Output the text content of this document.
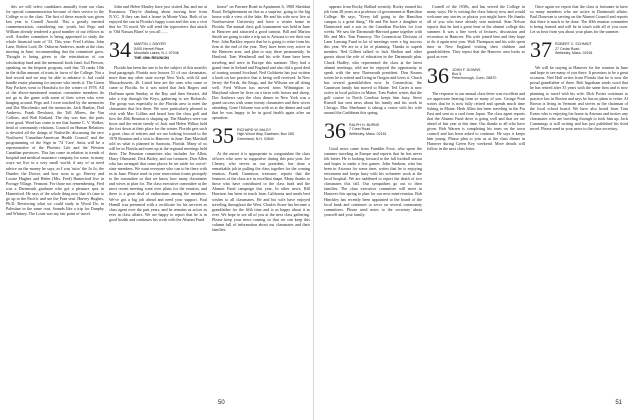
this we will select candidates annually from our class for special commemoration because of their service to the College or to the class. The first of these awards was given last year to Cornell Arnold. This a greatly merited commemoration, considering our youth, but Pego and William already tendered a good number of our fellows as well. Another committee is being appointed to study the whole financial state of '33. This year: Fred Lehfan, John Lane, Robert Lord, Dr. Osborne Andrews, made at the class meeting in June, recommending that the committee grow. Thought is being given to the reinstitution of our scholarship fund and the memorial book fund. Jud Pierson, speaking on the bequest program, said that '33 ranks 10th in the dollar amount of trusts in favor of the College. Not a bad record and we may be able to enhance it. Jud could handle estate planning for anyone who needs it. The Green Bay Packers went to Honolulu for the winter of 1978. All of the above-mentioned reunion committee members do not go to the game with some of their wives who were hanging around. Pego and I were touched by the memories and Dot Marchenko and the memories. Jack Hanlon, Dud Andrews, Frank Dewharst, the Toll Albees, the Van Collons, and Walt Kinkaid. The day was fine, the parts were good. Word has come to me that Juanne C. V. Walker, head of community relations, Council on Human Relations is devoted all the doings of Nashville, discussing the race Northwest 'Canadian-American Health Council' and the programming of the Sign in '74 'Care' Anita will be a representative of the Phoenix Life and the Western Canadian provinces. This has come in relation to trends of hospital and medical assurance company for some, in many ways we live in a very small world; if any of us need advice on the money he says, as I was 'tutor' the Jo Jo, the Dunder, the Doctor, and how soon to go. Harvey and Louise Hughes and Helen (Mrs. Fred) Hamerford live in Portage Village, Vermont. For those not remembering, Fred was a Dartmouth graduate who got a pleasure spot in Hamerford. He says of the whole thing now that it's time to go up to the Pacific and see the Fran sent. Harvey Hughes, Ph.D. Reviewing what we could study in Wood Do, in Palestine in the same rout, Sounds like a trip for Dunphy and Whitney. The Louis was my fair point of travel.

John and Helen Manley have just visited Jim and me at Rossmoor. They're thinking about moving here from N.Y.C. If they can find a house in Monte Vista. Both of us enjoyed the sun in Florida's happy town and this was a visit that for '33 stood. We will send the typewriters that attach to 'Old Nassau Blues' to you all ......

34 MARTIN J. DWYER
5400 Hermit Place
Mountain Lakes, N.J. 07046
THE 45th REUNION

Florida has been the one to be the subject of this month's lead paragraph. Florida now houses 51 of our classmates, more than any other state except New York, with 62 and Massachusetts, 46. Listed here are the ones who came or came to Florida. So it was noted that Jack Rogers and Hoffman spent Sunday at the Bay and then Stewart, did take a trip through the Keys, gathering to see Richard's. The group was especially in the Florida area to meet the classmates that live there. We were particularly pleased to visit with Mac Collins and heard how the class golf and how the 45th Reunion is shaping up. The Manleys were our hosts and the entire family of Jack and Helen Wilkin held the fort down at their place for the winter. Florida gets such a great class of retirees and we are looking forward to the 1978 Reunion and a visit to Hanover in June. Dan Marshall told us what is planned in Sarasota, Florida. Many of us will be in Florida and meet up at the regional meetings held there. The Reunion committee also includes Joe Allen, Harry Olmstead, Dick Bailey, and our treasurer, Don Allen who has arranged that some places be set aside for out-of-state members. We want everyone who can to be there with us in June. Please send in your reservation forms promptly to the committee so that we know how many classmates and wives to plan for. The class executive committee at the most recent meeting went over plans for the reunion, and there is a great deal of enthusiasm among the members. We've got a big job ahead and need your support. Paul Hamill was presented with a certificate for his services as class agent over the past years, and he remains as active as ever in class affairs. We are happy to report that he is in good health and continues his work with the Alumni Fund.

house" on Pawnee Road in Apartment 6, 1900 Sheridan Road. Enlightenment on this as a surprise, going to the big house with a view of the lake. He and his wife now live at Northwestern University and have a winter home in Florida. The annual class golf tournament was held in June in Hanover and attracted a good turnout. Bill and Marion Smith are going to take a trip out to Arizona to see their son Pete. John Barkley reports that he is going to retire from his firm at the end of the year. They have been very active in the Hanover area, and plan to stay there permanently. In Hartford, Tom Weatherall and his wife Anne have been traveling and were in Europe this summer. They had a grand time in Ireland and England and also did a good deal of touring around Scotland. Neil Goldstein has just written a book on law practice that is being well received. In New Jersey the Fords, the Kings, and the Wilsons are all doing well. Fred Wilson has moved from Wilmington to Maryland where he lives on a farm with horses and sheep. Doc Andrews says the class dinner in New York was a grand success with some twenty classmates and their wives attending. Gene Osborne was with us at the dinner and said that he was happy to be in good health again after an operation.

35 RICHARD W. McLEY
High Wood Way, Eastham, Box 265
Greenland, N.H. 03840

At the outset it is appropriate to congratulate the class officers who were so supportive during this past year. Joe Cheney, who serves as our president, has done a remarkable job in pulling the class together for the coming reunion. Frank Gunnison, treasurer, reports that the finances of the class are in excellent shape. Many thanks to those who have contributed to the class fund and the Alumni Fund campaign this year. In other news, Bill Harrison has been in touch from California and sends best wishes to all classmates. He and his wife have enjoyed traveling throughout the West. Charles Stone has become a grandfather for the fifth time and is as happy about it as ever. We hope to see all of you at the next class gathering. Please keep your news coming so that we can keep this column full of information about our classmates and their families.

50

appears from Rocky Ballard recently. Rocky earned his job from 28 years as a professor of government at Hamilton College. He says, "Every fall going to the Hamilton campus is a great thing." He and Pat have a daughter at Dartmouth and a son in the Canadian Rockies for four weeks. We saw the Dartmouth-Harvard game together with Mr. and Mrs. Tom Pomeroy. The Connecticut Division of Lane Lansing Fund in lot of meetings were a big success this year. We are in a lot of planning. Thanks to superb member. Ned Gilbert talked to Jack Shelton and other guests about the role of education in the Dartmouth plan. Chuck Hadley, who represented the class at the latest alumni meetings, told me he enjoyed the opportunity to speak with the new Dartmouth president. Don Kearns writes he is retired and living in Oregon and loves it. Chuck has several grandchildren now. In Connecticut, the Gunnison family has moved to Maine. Ted Carter is now active in local politics in Maine. Tom Parker writes that the golf course in North Carolina keeps him busy. Steve Russell has sent news about his family and his work in Chicago. Mac Sherburne is taking a cruise with his wife around the Caribbean this spring.

36 RALPH H. BURNS
7 Crest Road
Wellesley, Mass. 02181

Good news came from Franklin Frost, who spent the summer traveling in Europe and reports that he has never felt better. He is looking forward to the fall football season and hopes to make a few games. John Sanborn, who has been in Arizona for some time, writes that he is enjoying retirement and keeps busy with his volunteer work at the local hospital. We are saddened to report the death of two classmates this fall. Our sympathies go out to their families. The class executive committee will meet in Hanover this spring to plan for our next mini-reunion. Bob Hinckley has recently been appointed to the board of the local bank and continues to serve on several community committees. Please send notes to the secretary about yourself and your family.

Cornell of the 1930s, and has served the College in many ways. He is writing the class history now and would welcome any stories or photos you might have. He thanks all of you who have already sent material. Stan Nelson reports that he had a great time at the alumni college this summer. It was a fine week of lectures, discussion and recreation in Hanover. His wife joined him and they hope to do it again next year. Walt Thompson and his wife spent time in New England visiting their children and grandchildren. They report that the Hanover area looks as good as ever.

36 JOHN F. DOWNS
Box 5
Peterborough, Conn. 06870

The response to our annual class letter was excellent and we appreciate hearing from so many of you. George Pratt writes that he is now fully retired and spends much time fishing in Maine. Herb Allen has been traveling in the Far East and sent us a card from Japan. The class agent reports that the Alumni Fund drive is going well and that we are ahead of last year at this time. Our thanks to all who have given. Bob Warren is completing his term on the town council and has been asked to continue. He says it keeps him young. Please plan to join us at the class dinner in Hanover during Green Key weekend. More details will follow in the next class letter.

Once again we report that the class is fortunate to have so many members who are active in Dartmouth affairs. Paul Donovan is serving on the Alumni Council and reports that there is much to be done. The 40th reunion committee is being formed and will be in touch with all of you soon. Let us hear from you about your plans for the summer.

37 ROBERT C. SCHMIDT
27 Cedar Road
Wellesley, Mass. 02181

We will be staying in Hanover for the reunion in June and hope to see many of you there. It promises to be a great occasion. Ned Hall writes from Florida that he is now the proud grandfather of three. Bob Ingraham sends word that he has retired after 35 years with the same firm and is now planning to travel with his wife. Dick Foster continues to practice law in Boston and says he has no plans to retire. Al Brown is living in Vermont and serves as the chairman of the local school board. We have also heard from Tom Evans who is enjoying his home in Arizona and invites any classmates who are traveling through to look him up. Jack Cummings is still writing and has just published his third novel. Please send in your news to the class secretary.

51
